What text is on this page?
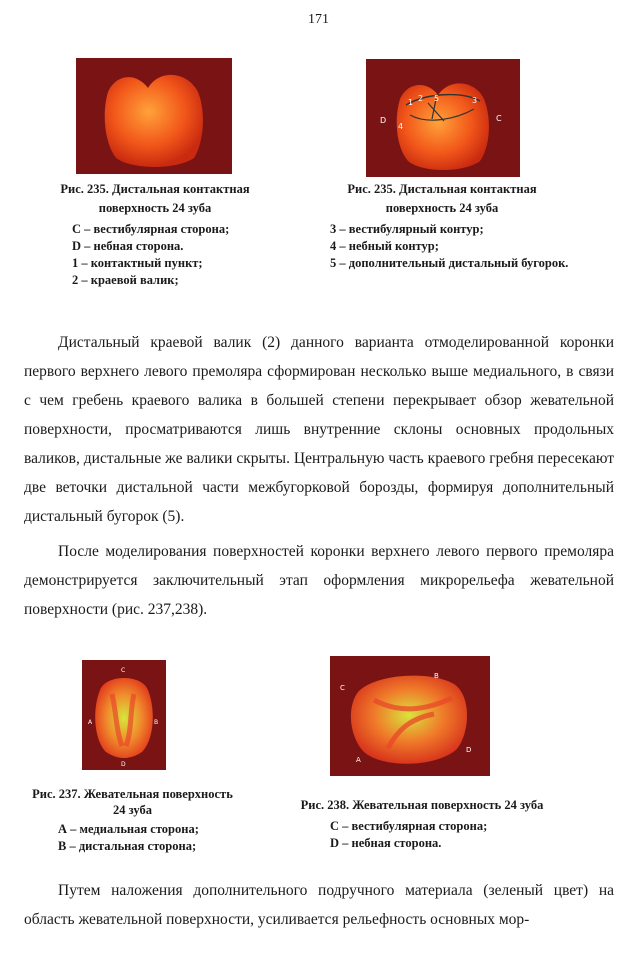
171
1 2	3
4
5
D	C
Рис. 235. Дистальная контактная поверхность 24 зуба
C – вестибулярная сторона;
D – небная сторона.
1 – контактный пункт;
2 – краевой валик;
Рис. 235. Дистальная контактная поверхность 24 зуба
3 – вестибулярный контур;
4 – небный контур;
5 – дополнительный дистальный бугорок.

Дистальный краевой валик (2) данного варианта отмоделированной коронки первого верхнего левого премоляра сформирован несколько выше медиального, в связи с чем гребень краевого валика в большей степени перекрывает обзор жевательной поверхности, просматриваются лишь внутренние склоны основных продольных валиков, дистальные же валики скрыты. Центральную часть краевого гребня пересекают две веточки дистальной части межбугорковой борозды, формируя дополнительный дистальный бугорок (5).

После моделирования поверхностей коронки верхнего левого первого премоляра демонстрируется заключительный этап оформления микрорельефа жевательной поверхности (рис. 237,238).

C
A	B
D
C
B
A
D
Рис. 237. Жевательная поверхность 24 зуба
А – медиальная сторона;
В – дистальная сторона;
Рис. 238. Жевательная поверхность 24 зуба
C – вестибулярная сторона;
D – небная сторона.

Путем наложения дополнительного подручного материала (зеленый цвет) на область жевательной поверхности, усиливается рельефность основных мор-
